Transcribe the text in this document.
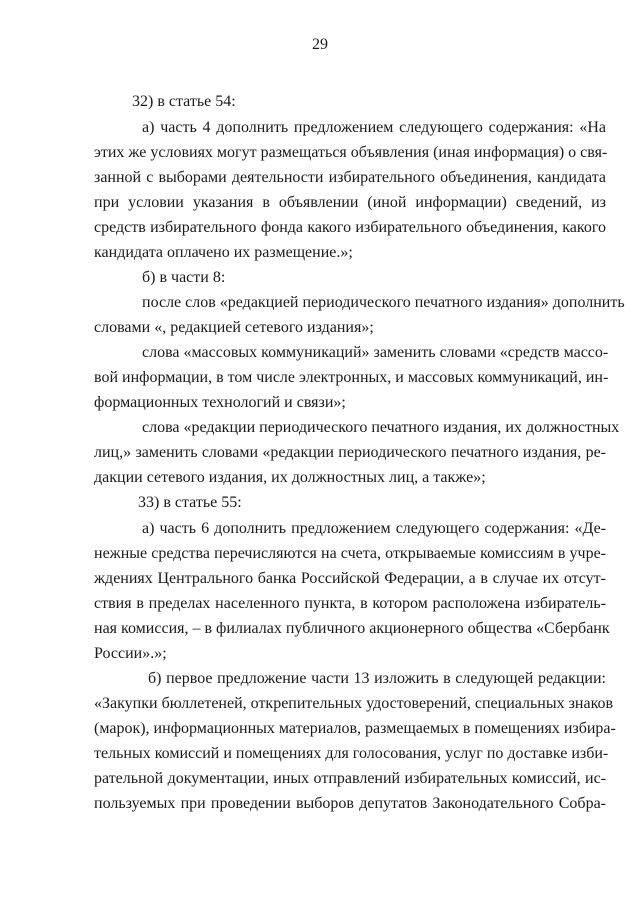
29
32) в статье 54:
а) часть 4 дополнить предложением следующего содержания: «На
этих же условиях могут размещаться объявления (иная информация) о свя-
занной с выборами деятельности избирательного объединения, кандидата
при условии указания в объявлении (иной информации) сведений, из
средств избирательного фонда какого избирательного объединения, какого
кандидата оплачено их размещение.»;
б) в части 8:
после слов «редакцией периодического печатного издания» дополнить
словами «, редакцией сетевого издания»;
слова «массовых коммуникаций» заменить словами «средств массо-
вой информации, в том числе электронных, и массовых коммуникаций, ин-
формационных технологий и связи»;
слова «редакции периодического печатного издания, их должностных
лиц,» заменить словами «редакции периодического печатного издания, ре-
дакции сетевого издания, их должностных лиц, а также»;
33) в статье 55:
а) часть 6 дополнить предложением следующего содержания: «Де-
нежные средства перечисляются на счета, открываемые комиссиям в учре-
ждениях Центрального банка Российской Федерации, а в случае их отсут-
ствия в пределах населенного пункта, в котором расположена избиратель-
ная комиссия, – в филиалах публичного акционерного общества «Сбербанк
России».»;
б) первое предложение части 13 изложить в следующей редакции:
«Закупки бюллетеней, открепительных удостоверений, специальных знаков
(марок), информационных материалов, размещаемых в помещениях избира-
тельных комиссий и помещениях для голосования, услуг по доставке изби-
рательной документации, иных отправлений избирательных комиссий, ис-
пользуемых при проведении выборов депутатов Законодательного Собра-
